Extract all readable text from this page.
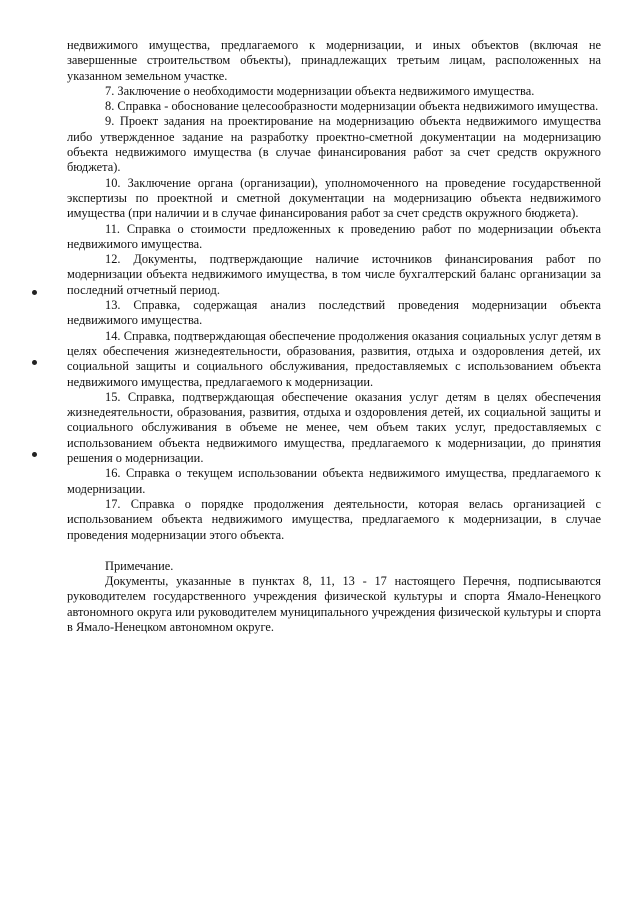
недвижимого имущества, предлагаемого к модернизации, и иных объектов (включая не завершенные строительством объекты), принадлежащих третьим лицам, расположенных на указанном земельном участке.

7. Заключение о необходимости модернизации объекта недвижимого имущества.

8. Справка - обоснование целесообразности модернизации объекта недвижимого имущества.

9. Проект задания на проектирование на модернизацию объекта недвижимого имущества либо утвержденное задание на разработку проектно-сметной документации на модернизацию объекта недвижимого имущества (в случае финансирования работ за счет средств окружного бюджета).

10. Заключение органа (организации), уполномоченного на проведение государственной экспертизы по проектной и сметной документации на модернизацию объекта недвижимого имущества (при наличии и в случае финансирования работ за счет средств окружного бюджета).

11. Справка о стоимости предложенных к проведению работ по модернизации объекта недвижимого имущества.

12. Документы, подтверждающие наличие источников финансирования работ по модернизации объекта недвижимого имущества, в том числе бухгалтерский баланс организации за последний отчетный период.

13. Справка, содержащая анализ последствий проведения модернизации объекта недвижимого имущества.

14. Справка, подтверждающая обеспечение продолжения оказания социальных услуг детям в целях обеспечения жизнедеятельности, образования, развития, отдыха и оздоровления детей, их социальной защиты и социального обслуживания, предоставляемых с использованием объекта недвижимого имущества, предлагаемого к модернизации.

15. Справка, подтверждающая обеспечение оказания услуг детям в целях обеспечения жизнедеятельности, образования, развития, отдыха и оздоровления детей, их социальной защиты и социального обслуживания в объеме не менее, чем объем таких услуг, предоставляемых с использованием объекта недвижимого имущества, предлагаемого к модернизации, до принятия решения о модернизации.

16. Справка о текущем использовании объекта недвижимого имущества, предлагаемого к модернизации.

17. Справка о порядке продолжения деятельности, которая велась организацией с использованием объекта недвижимого имущества, предлагаемого к модернизации, в случае проведения модернизации этого объекта.

Примечание.

Документы, указанные в пунктах 8, 11, 13 - 17 настоящего Перечня, подписываются руководителем государственного учреждения физической культуры и спорта Ямало-Ненецкого автономного округа или руководителем муниципального учреждения физической культуры и спорта в Ямало-Ненецком автономном округе.
